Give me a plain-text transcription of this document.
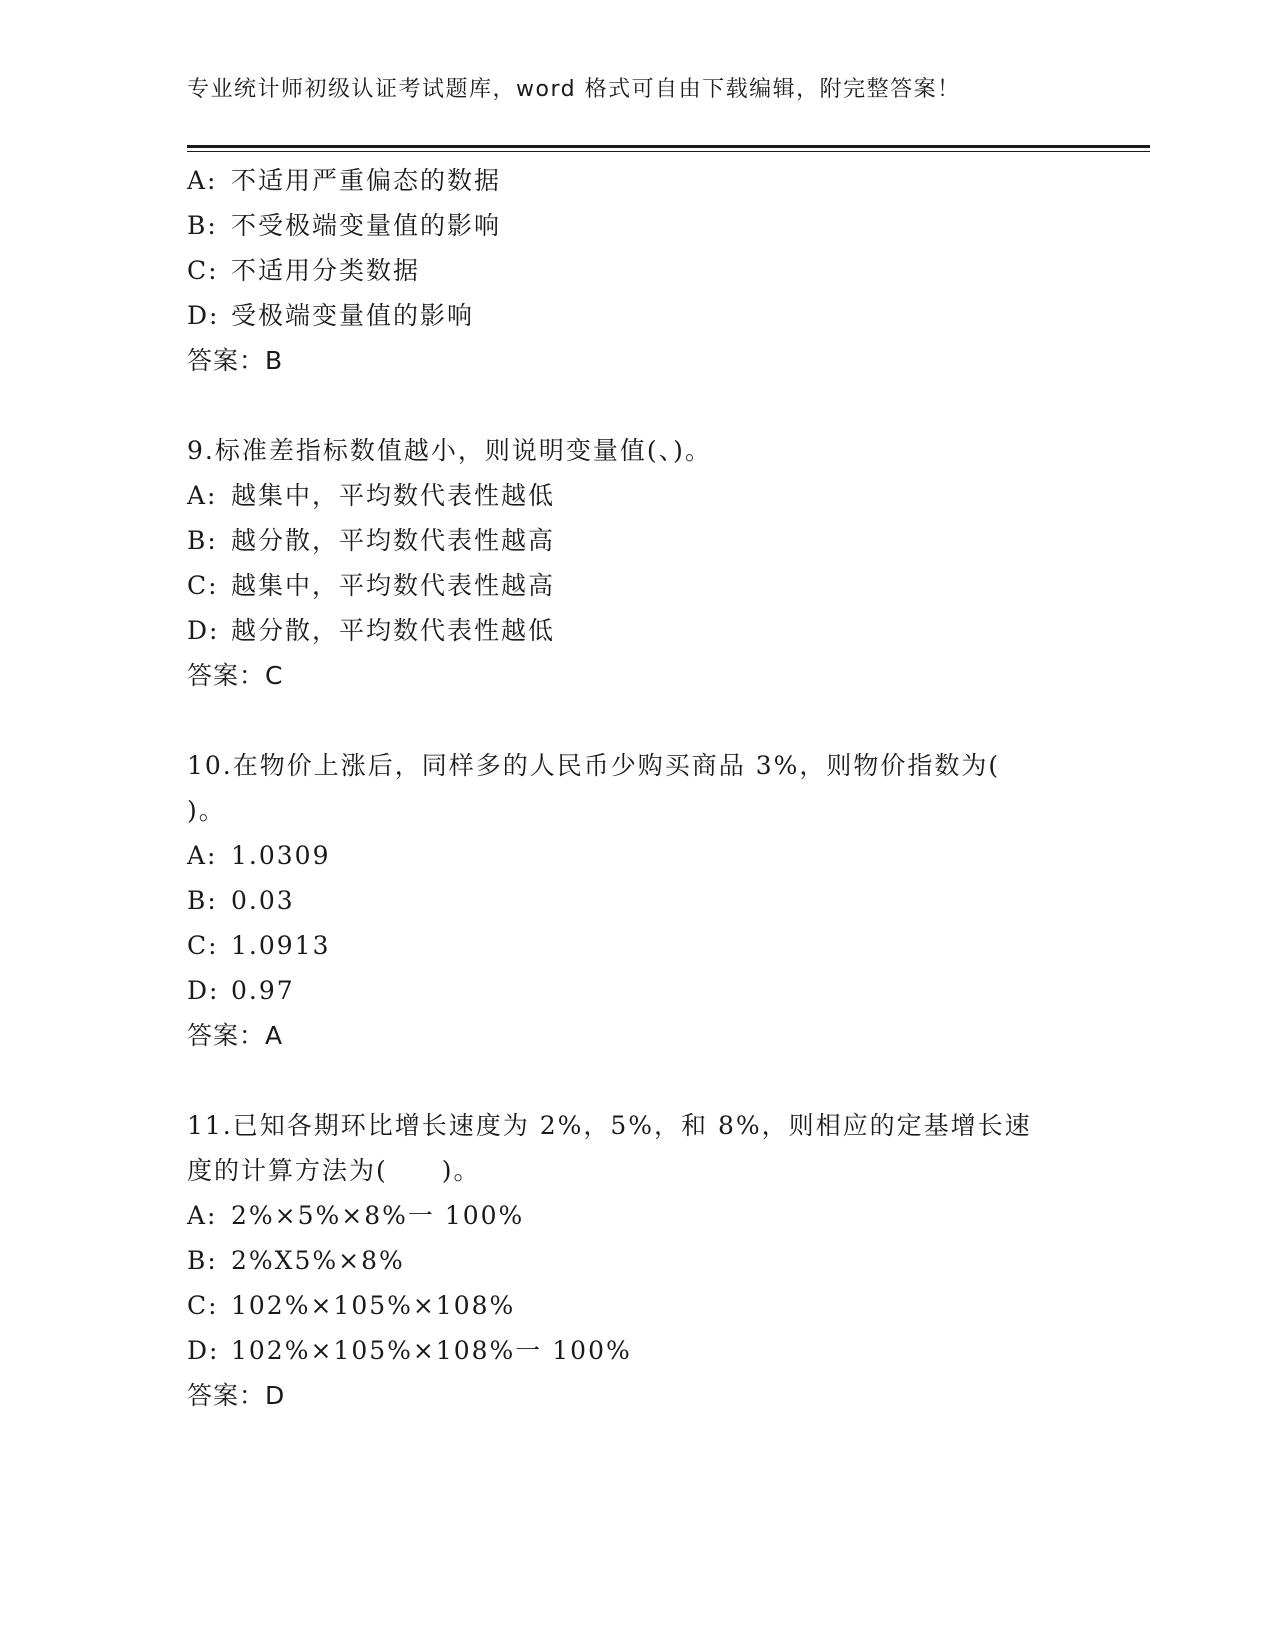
专业统计师初级认证考试题库，word 格式可自由下载编辑，附完整答案！
A: 不适用严重偏态的数据
B: 不受极端变量值的影响
C: 不适用分类数据
D: 受极端变量值的影响
答案：B
9.标准差指标数值越小，则说明变量值(、)。
A: 越集中，平均数代表性越低
B: 越分散，平均数代表性越高
C: 越集中，平均数代表性越高
D: 越分散，平均数代表性越低
答案：C
10.在物价上涨后，同样多的人民币少购买商品 3%，则物价指数为(
)。
A: 1.0309
B: 0.03
C: 1.0913
D: 0.97
答案：A
11.已知各期环比增长速度为 2%，5%，和 8%，则相应的定基增长速
度的计算方法为(　　)。
A: 2%×5%×8%一 100%
B: 2%X5%×8%
C: 102%×105%×108%
D: 102%×105%×108%一 100%
答案：D
